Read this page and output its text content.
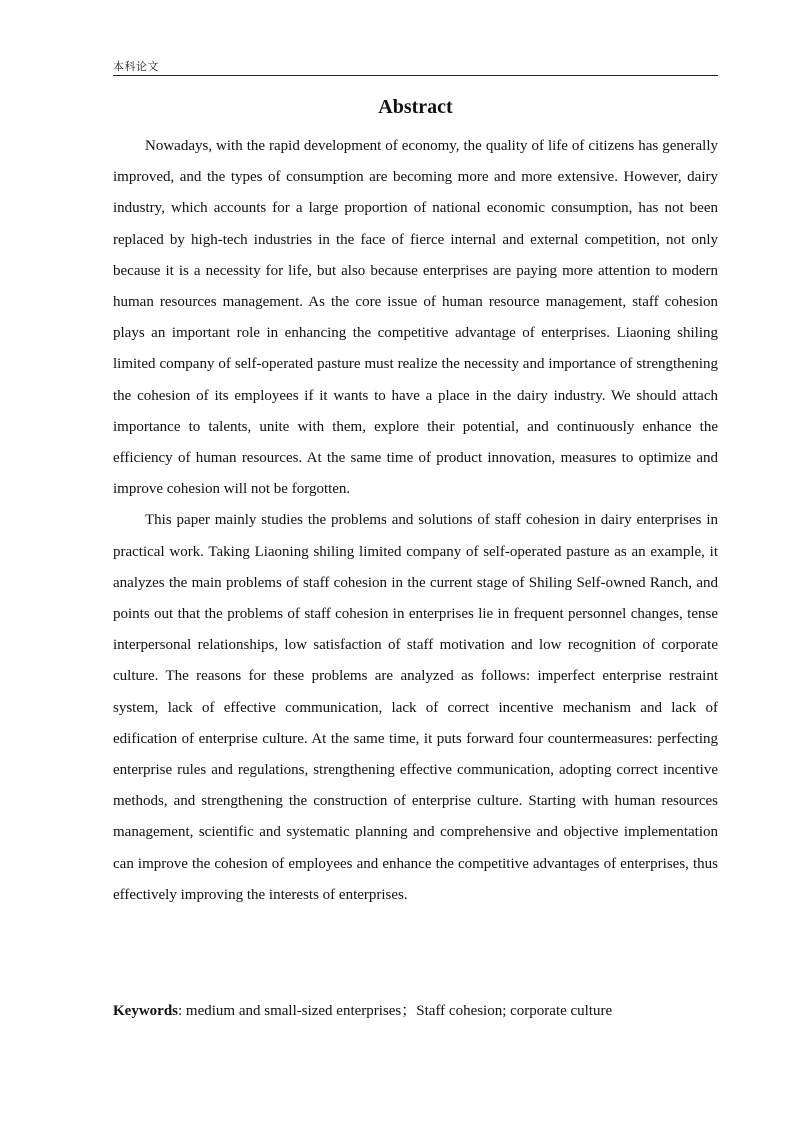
本科论文
Abstract

Nowadays, with the rapid development of economy, the quality of life of citizens has generally improved, and the types of consumption are becoming more and more extensive. However, dairy industry, which accounts for a large proportion of national economic consumption, has not been replaced by high-tech industries in the face of fierce internal and external competition, not only because it is a necessity for life, but also because enterprises are paying more attention to modern human resources management. As the core issue of human resource management, staff cohesion plays an important role in enhancing the competitive advantage of enterprises. Liaoning shiling limited company of self-operated pasture must realize the necessity and importance of strengthening the cohesion of its employees if it wants to have a place in the dairy industry. We should attach importance to talents, unite with them, explore their potential, and continuously enhance the efficiency of human resources. At the same time of product innovation, measures to optimize and improve cohesion will not be forgotten.

This paper mainly studies the problems and solutions of staff cohesion in dairy enterprises in practical work. Taking Liaoning shiling limited company of self-operated pasture as an example, it analyzes the main problems of staff cohesion in the current stage of Shiling Self-owned Ranch, and points out that the problems of staff cohesion in enterprises lie in frequent personnel changes, tense interpersonal relationships, low satisfaction of staff motivation and low recognition of corporate culture. The reasons for these problems are analyzed as follows: imperfect enterprise restraint system, lack of effective communication, lack of correct incentive mechanism and lack of edification of enterprise culture. At the same time, it puts forward four countermeasures: perfecting enterprise rules and regulations, strengthening effective communication, adopting correct incentive methods, and strengthening the construction of enterprise culture. Starting with human resources management, scientific and systematic planning and comprehensive and objective implementation can improve the cohesion of employees and enhance the competitive advantages of enterprises, thus effectively improving the interests of enterprises.

Keywords: medium and small-sized enterprises；Staff cohesion; corporate culture
